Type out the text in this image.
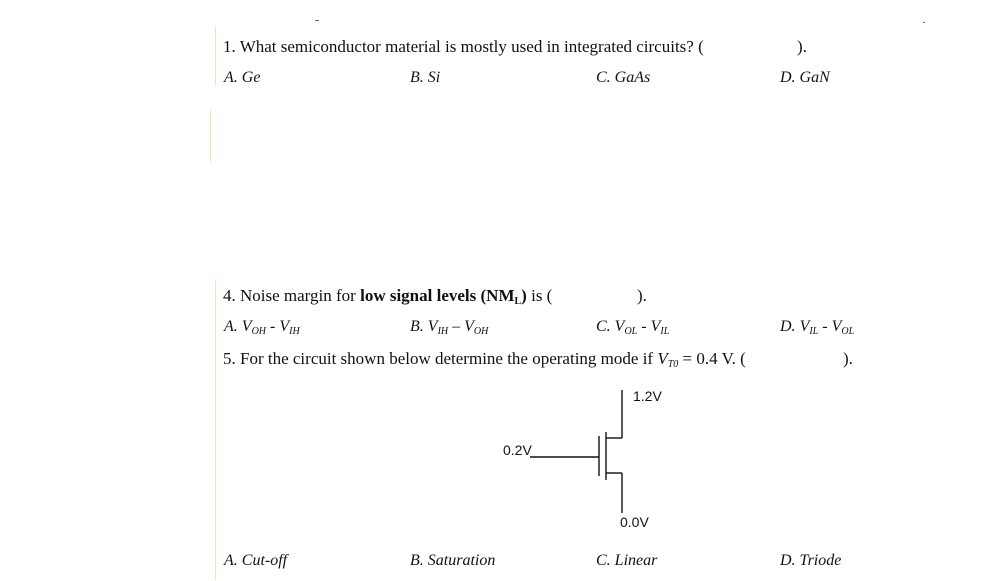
1. What semiconductor material is mostly used in integrated circuits? (	).
A. Ge	B. Si	C. GaAs	D. GaN
4. Noise margin for low signal levels (NML) is (	).
A. $V_{OH} - V_{IH}$	B. $V_{IH} - V_{OH}$	C. $V_{OL} - V_{IL}$	D. $V_{IL} - V_{OL}$
5. For the circuit shown below determine the operating mode if $V_{T0} = 0.4$ V. (	).
1.2V
0.2V
0.0V
A. Cut-off	B. Saturation	C. Linear	D. Triode
